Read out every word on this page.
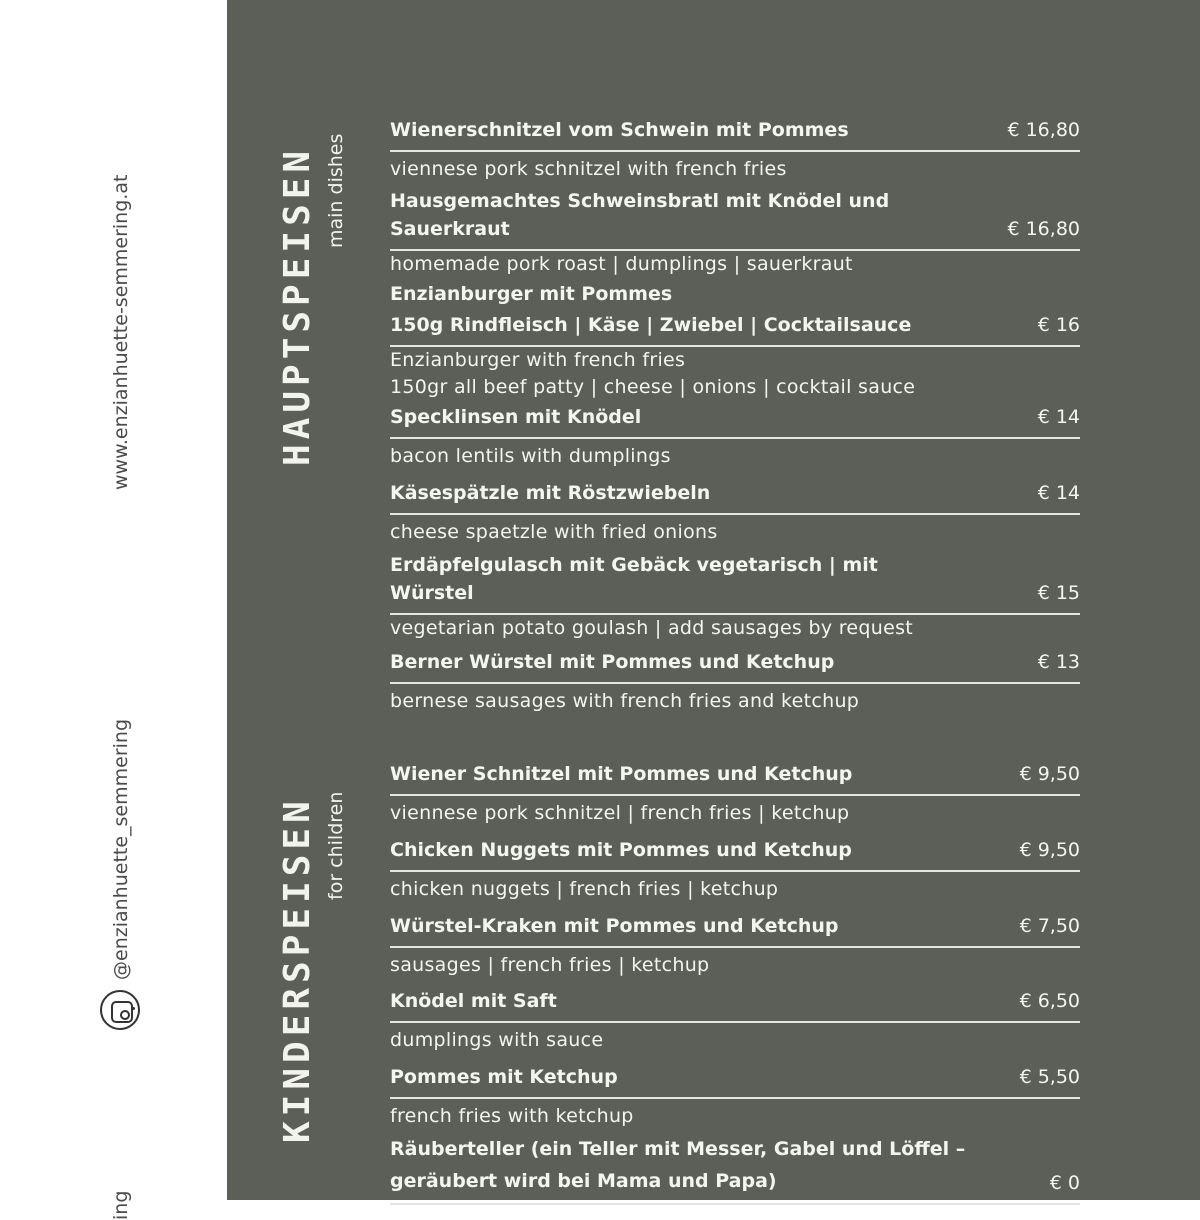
www.enzianhuette-semmering.at
@enzianhuette_semmering
ing
HAUPTSPEISEN main dishes
Wienerschnitzel vom Schwein mit Pommes	€ 16,80
viennese pork schnitzel with french fries
Hausgemachtes Schweinsbratl mit Knödel und Sauerkraut	€ 16,80
homemade pork roast | dumplings | sauerkraut
Enzianburger mit Pommes
150g Rindfleisch | Käse | Zwiebel | Cocktailsauce	€ 16
Enzianburger with french fries
150gr all beef patty | cheese | onions | cocktail sauce
Specklinsen mit Knödel	€ 14
bacon lentils with dumplings
Käsespätzle mit Röstzwiebeln	€ 14
cheese spaetzle with fried onions
Erdäpfelgulasch mit Gebäck vegetarisch | mit Würstel	€ 15
vegetarian potato goulash | add sausages by request
Berner Würstel mit Pommes und Ketchup	€ 13
bernese sausages with french fries and ketchup
KINDERSPEISEN for children
Wiener Schnitzel mit Pommes und Ketchup	€ 9,50
viennese pork schnitzel | french fries | ketchup
Chicken Nuggets mit Pommes und Ketchup	€ 9,50
chicken nuggets | french fries | ketchup
Würstel-Kraken mit Pommes und Ketchup	€ 7,50
sausages | french fries | ketchup
Knödel mit Saft	€ 6,50
dumplings with sauce
Pommes mit Ketchup	€ 5,50
french fries with ketchup
Räuberteller (ein Teller mit Messer, Gabel und Löffel – geräubert wird bei Mama und Papa)	€ 0
